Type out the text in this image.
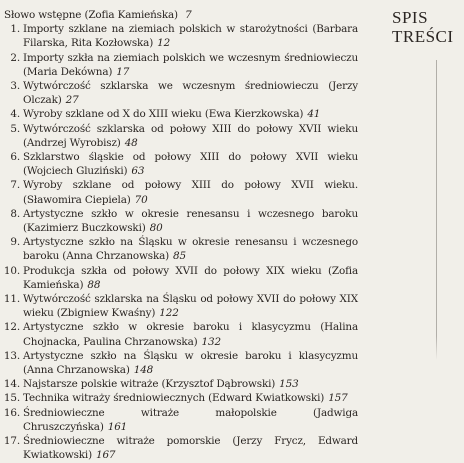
Słowo wstępne (Zofia Kamieńska) 7
1. Importy szklane na ziemiach polskich w starożytności (Barbara Filarska, Rita Kozłowska) 12
2. Importy szkła na ziemiach polskich we wczesnym średniowieczu (Maria Dekówna) 17
3. Wytwórczość szklarska we wczesnym średniowieczu (Jerzy Olczak) 27
4. Wyroby szklane od X do XIII wieku (Ewa Kierzkowska) 41
5. Wytwórczość szklarska od połowy XIII do połowy XVII wieku (Andrzej Wyrobisz) 48
6. Szklarstwo śląskie od połowy XIII do połowy XVII wieku (Wojciech Gluziński) 63
7. Wyroby szklane od połowy XIII do połowy XVII wieku. (Sławomira Ciepiela) 70
8. Artystyczne szkło w okresie renesansu i wczesnego baroku (Kazimierz Buczkowski) 80
9. Artystyczne szkło na Śląsku w okresie renesansu i wczesnego baroku (Anna Chrzanowska) 85
10. Produkcja szkła od połowy XVII do połowy XIX wieku (Zofia Kamieńska) 88
11. Wytwórczość szklarska na Śląsku od połowy XVII do połowy XIX wieku (Zbigniew Kwaśny) 122
12. Artystyczne szkło w okresie baroku i klasycyzmu (Halina Chojnacka, Paulina Chrzanowska) 132
13. Artystyczne szkło na Śląsku w okresie baroku i klasycyzmu (Anna Chrzanowska) 148
14. Najstarsze polskie witraże (Krzysztof Dąbrowski) 153
15. Technika witraży średniowiecznych (Edward Kwiatkowski) 157
16. Średniowieczne witraże małopolskie (Jadwiga Chruszczyńska) 161
17. Średniowieczne witraże pomorskie (Jerzy Frycz, Edward Kwiatkowski) 167
SPIS
TREŚCI
